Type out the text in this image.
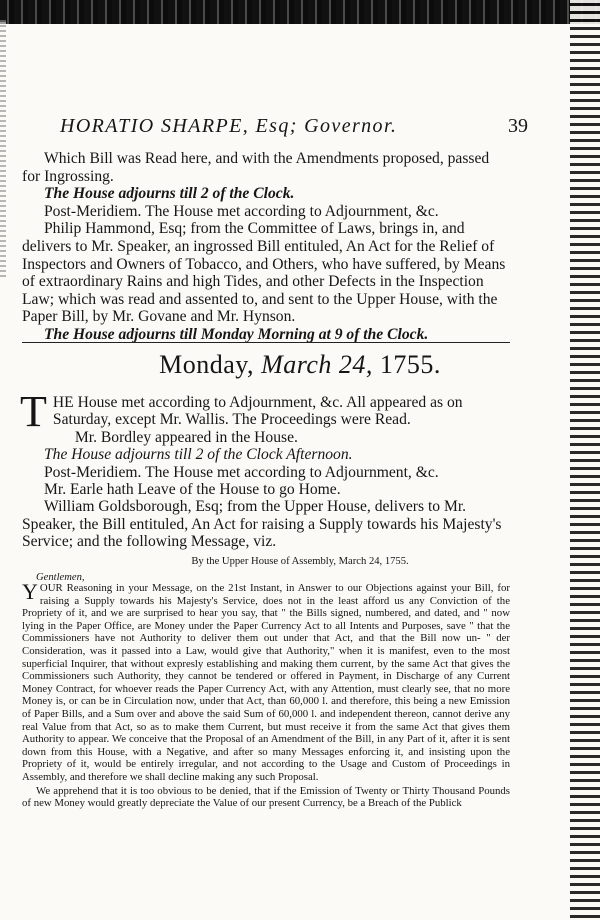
HORATIO SHARPE, Esq; Governor.	39

Which Bill was Read here, and with the Amendments proposed, passed for Ingrossing.

The House adjourns till 2 of the Clock.

Post-Meridiem. The House met according to Adjournment, &c.

Philip Hammond, Esq; from the Committee of Laws, brings in, and delivers to Mr. Speaker, an ingrossed Bill entituled, An Act for the Relief of Inspectors and Owners of Tobacco, and Others, who have suffered, by Means of extraordinary Rains and high Tides, and other Defects in the Inspection Law; which was read and assented to, and sent to the Upper House, with the Paper Bill, by Mr. Govane and Mr. Hynson.

The House adjourns till Monday Morning at 9 of the Clock.

Monday, March 24, 1755.

THE House met according to Adjournment, &c. All appeared as on Saturday, except Mr. Wallis. The Proceedings were Read.

Mr. Bordley appeared in the House.

The House adjourns till 2 of the Clock Afternoon.

Post-Meridiem. The House met according to Adjournment, &c.

Mr. Earle hath Leave of the House to go Home.

William Goldsborough, Esq; from the Upper House, delivers to Mr. Speaker, the Bill entituled, An Act for raising a Supply towards his Majesty's Service; and the following Message, viz.

By the Upper House of Assembly, March 24, 1755.
Gentlemen,

YOUR Reasoning in your Message, on the 21st Instant, in Answer to our Objections against your Bill, for raising a Supply towards his Majesty's Service, does not in the least afford us any Conviction of the Propriety of it, and we are surprised to hear you say, that " the Bills signed, numbered, and dated, and " now lying in the Paper Office, are Money under the Paper Currency Act to all Intents and Purposes, save " that the Commissioners have not Authority to deliver them out under that Act, and that the Bill now un- " der Consideration, was it passed into a Law, would give that Authority," when it is manifest, even to the most superficial Inquirer, that without expresly establishing and making them current, by the same Act that gives the Commissioners such Authority, they cannot be tendered or offered in Payment, in Discharge of any Current Money Contract, for whoever reads the Paper Currency Act, with any Attention, must clearly see, that no more Money is, or can be in Circulation now, under that Act, than 60,000 l. and therefore, this being a new Emission of Paper Bills, and a Sum over and above the said Sum of 60,000 l. and independent thereon, cannot derive any real Value from that Act, so as to make them Current, but must receive it from the same Act that gives them Authority to appear. We conceive that the Proposal of an Amendment of the Bill, in any Part of it, after it is sent down from this House, with a Negative, and after so many Messages enforcing it, and insisting upon the Propriety of it, would be entirely irregular, and not according to the Usage and Custom of Proceedings in Assembly, and therefore we shall decline making any such Proposal.

We apprehend that it is too obvious to be denied, that if the Emission of Twenty or Thirty Thousand Pounds of new Money would greatly depreciate the Value of our present Currency, be a Breach of the Publick
